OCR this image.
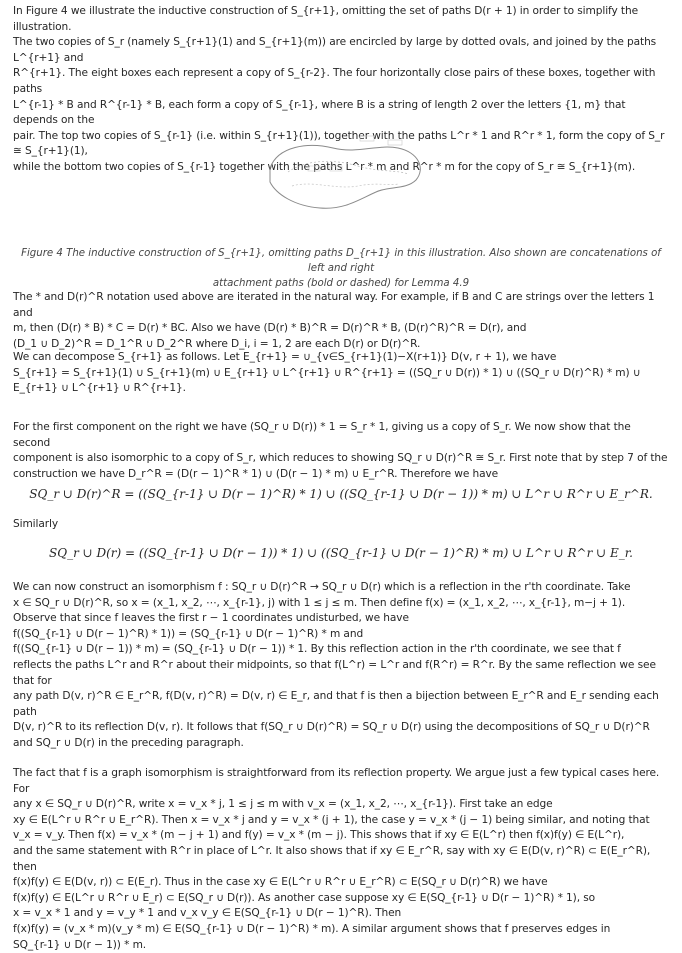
In Figure 4 we illustrate the inductive construction of S_{r+1}, omitting the set of paths D(r + 1) in order to simplify the illustration.

The two copies of S_r (namely S_{r+1}(1) and S_{r+1}(m)) are encircled by large by dotted ovals, and joined by the paths L^{r+1} and

R^{r+1}. The eight boxes each represent a copy of S_{r-2}. The four horizontally close pairs of these boxes, together with paths

L^{r-1} * B and R^{r-1} * B, each form a copy of S_{r-1}, where B is a string of length 2 over the letters {1, m} that depends on the

pair. The top two copies of S_{r-1} (i.e. within S_{r+1}(1)), together with the paths L^r * 1 and R^r * 1, form the copy of S_r ≅ S_{r+1}(1),

while the bottom two copies of S_{r-1} together with the paths L^r * m and R^r * m for the copy of S_r ≅ S_{r+1}(m).

Figure 4 The inductive construction of S_{r+1}, omitting paths D_{r+1} in this illustration. Also shown are concatenations of left and right
attachment paths (bold or dashed) for Lemma 4.9

The * and D(r)^R notation used above are iterated in the natural way. For example, if B and C are strings over the letters 1 and

m, then (D(r) * B) * C = D(r) * BC. Also we have (D(r) * B)^R = D(r)^R * B, (D(r)^R)^R = D(r), and

(D_1 ∪ D_2)^R = D_1^R ∪ D_2^R where D_i, i = 1, 2 are each D(r) or D(r)^R.

We can decompose S_{r+1} as follows. Let E_{r+1} = ∪_{v∈S_{r+1}(1)−X(r+1)} D(v, r + 1), we have

S_{r+1} = S_{r+1}(1) ∪ S_{r+1}(m) ∪ E_{r+1} ∪ L^{r+1} ∪ R^{r+1} = ((SQ_r ∪ D(r)) * 1) ∪ ((SQ_r ∪ D(r)^R) * m) ∪ E_{r+1} ∪ L^{r+1} ∪ R^{r+1}.

For the first component on the right we have (SQ_r ∪ D(r)) * 1 = S_r * 1, giving us a copy of S_r. We now show that the second

component is also isomorphic to a copy of S_r, which reduces to showing SQ_r ∪ D(r)^R ≅ S_r. First note that by step 7 of the

construction we have D_r^R = (D(r − 1)^R * 1) ∪ (D(r − 1) * m) ∪ E_r^R. Therefore we have

SQ_r ∪ D(r)^R = ((SQ_{r-1} ∪ D(r − 1)^R) * 1) ∪ ((SQ_{r-1} ∪ D(r − 1)) * m) ∪ L^r ∪ R^r ∪ E_r^R.
Similarly
SQ_r ∪ D(r) = ((SQ_{r-1} ∪ D(r − 1)) * 1) ∪ ((SQ_{r-1} ∪ D(r − 1)^R) * m) ∪ L^r ∪ R^r ∪ E_r.

We can now construct an isomorphism f : SQ_r ∪ D(r)^R → SQ_r ∪ D(r) which is a reflection in the r'th coordinate. Take

x ∈ SQ_r ∪ D(r)^R, so x = (x_1, x_2, ⋯, x_{r-1}, j) with 1 ≤ j ≤ m. Then define f(x) = (x_1, x_2, ⋯, x_{r-1}, m−j + 1).

Observe that since f leaves the first r − 1 coordinates undisturbed, we have

f((SQ_{r-1} ∪ D(r − 1)^R) * 1)) = (SQ_{r-1} ∪ D(r − 1)^R) * m and

f((SQ_{r-1} ∪ D(r − 1)) * m) = (SQ_{r-1} ∪ D(r − 1)) * 1. By this reflection action in the r'th coordinate, we see that f

reflects the paths L^r and R^r about their midpoints, so that f(L^r) = L^r and f(R^r) = R^r. By the same reflection we see that for

any path D(v, r)^R ∈ E_r^R, f(D(v, r)^R) = D(v, r) ∈ E_r, and that f is then a bijection between E_r^R and E_r sending each path

D(v, r)^R to its reflection D(v, r). It follows that f(SQ_r ∪ D(r)^R) = SQ_r ∪ D(r) using the decompositions of SQ_r ∪ D(r)^R

and SQ_r ∪ D(r) in the preceding paragraph.

The fact that f is a graph isomorphism is straightforward from its reflection property. We argue just a few typical cases here. For

any x ∈ SQ_r ∪ D(r)^R, write x = v_x * j, 1 ≤ j ≤ m with v_x = (x_1, x_2, ⋯, x_{r-1}). First take an edge

xy ∈ E(L^r ∪ R^r ∪ E_r^R). Then x = v_x * j and y = v_x * (j + 1), the case y = v_x * (j − 1) being similar, and noting that

v_x = v_y. Then f(x) = v_x * (m − j + 1) and f(y) = v_x * (m − j). This shows that if xy ∈ E(L^r) then f(x)f(y) ∈ E(L^r),

and the same statement with R^r in place of L^r. It also shows that if xy ∈ E_r^R, say with xy ∈ E(D(v, r)^R) ⊂ E(E_r^R), then

f(x)f(y) ∈ E(D(v, r)) ⊂ E(E_r). Thus in the case xy ∈ E(L^r ∪ R^r ∪ E_r^R) ⊂ E(SQ_r ∪ D(r)^R) we have

f(x)f(y) ∈ E(L^r ∪ R^r ∪ E_r) ⊂ E(SQ_r ∪ D(r)). As another case suppose xy ∈ E(SQ_{r-1} ∪ D(r − 1)^R) * 1), so

x = v_x * 1 and y = v_y * 1 and v_x v_y ∈ E(SQ_{r-1} ∪ D(r − 1)^R). Then

f(x)f(y) = (v_x * m)(v_y * m) ∈ E(SQ_{r-1} ∪ D(r − 1)^R) * m). A similar argument shows that f preserves edges in

SQ_{r-1} ∪ D(r − 1)) * m.
